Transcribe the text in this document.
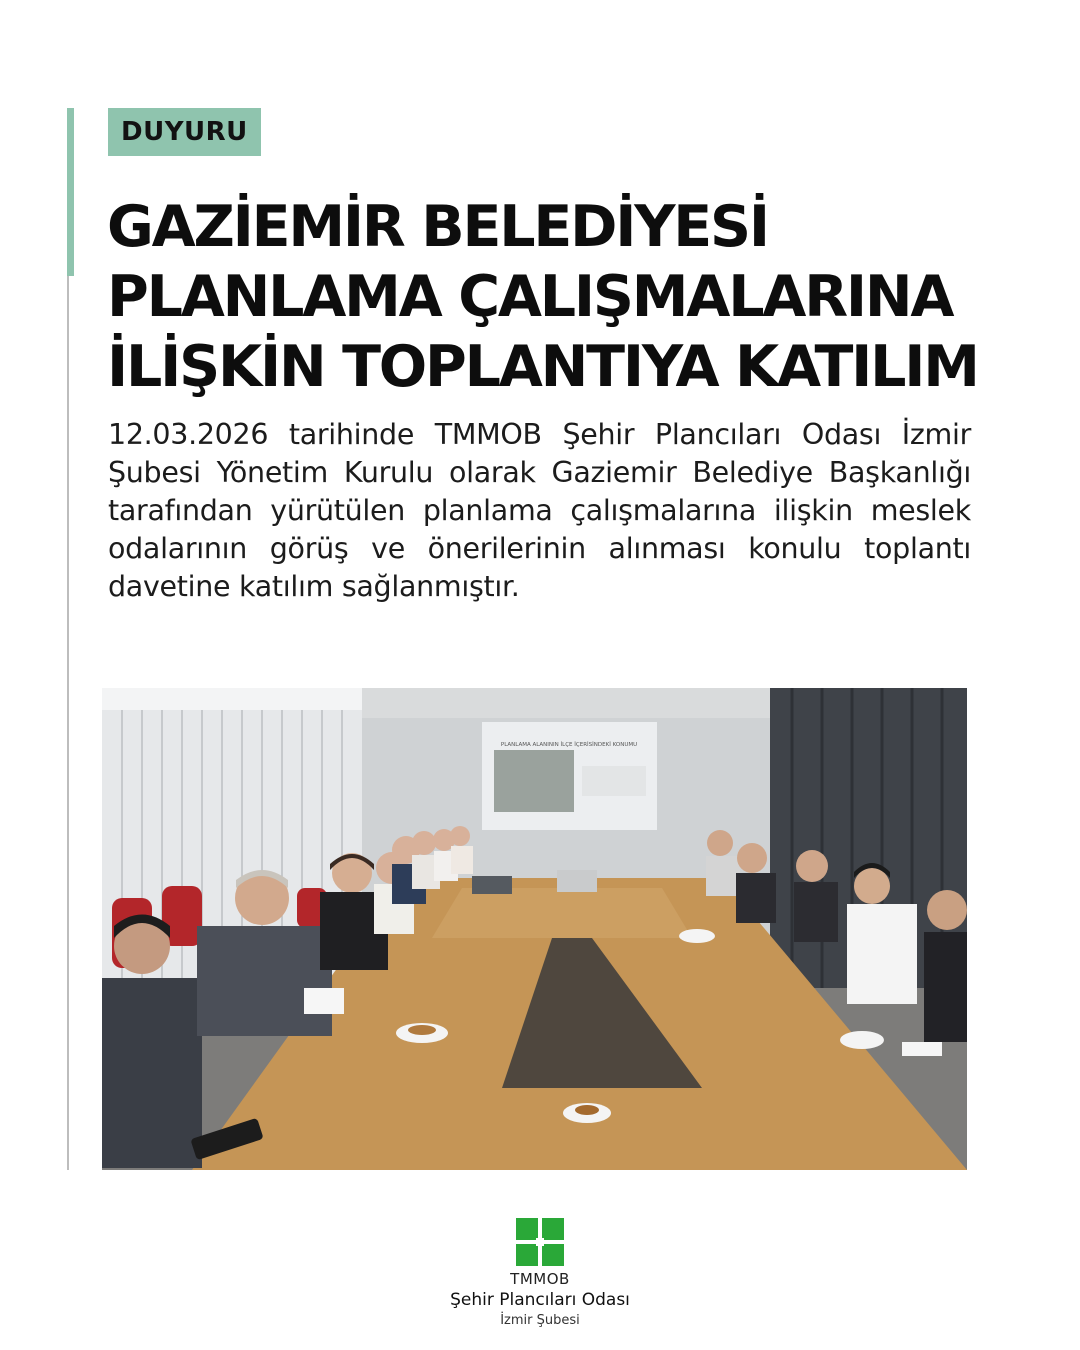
DUYURU
GAZİEMİR BELEDİYESİ
PLANLAMA ÇALIŞMALARINA
İLİŞKİN TOPLANTIYA KATILIM

12.03.2026 tarihinde TMMOB Şehir Plancıları Odası İzmir Şubesi Yönetim Kurulu olarak Gaziemir Belediye Başkanlığı tarafından yürütülen planlama çalışmalarına ilişkin meslek odalarının görüş ve önerilerinin alınması konulu toplantı davetine katılım sağlanmıştır.

PLANLAMA ALANININ İLÇE İÇERİSİNDEKİ KONUMU
TMMOB
Şehir Plancıları Odası
İzmir Şubesi
